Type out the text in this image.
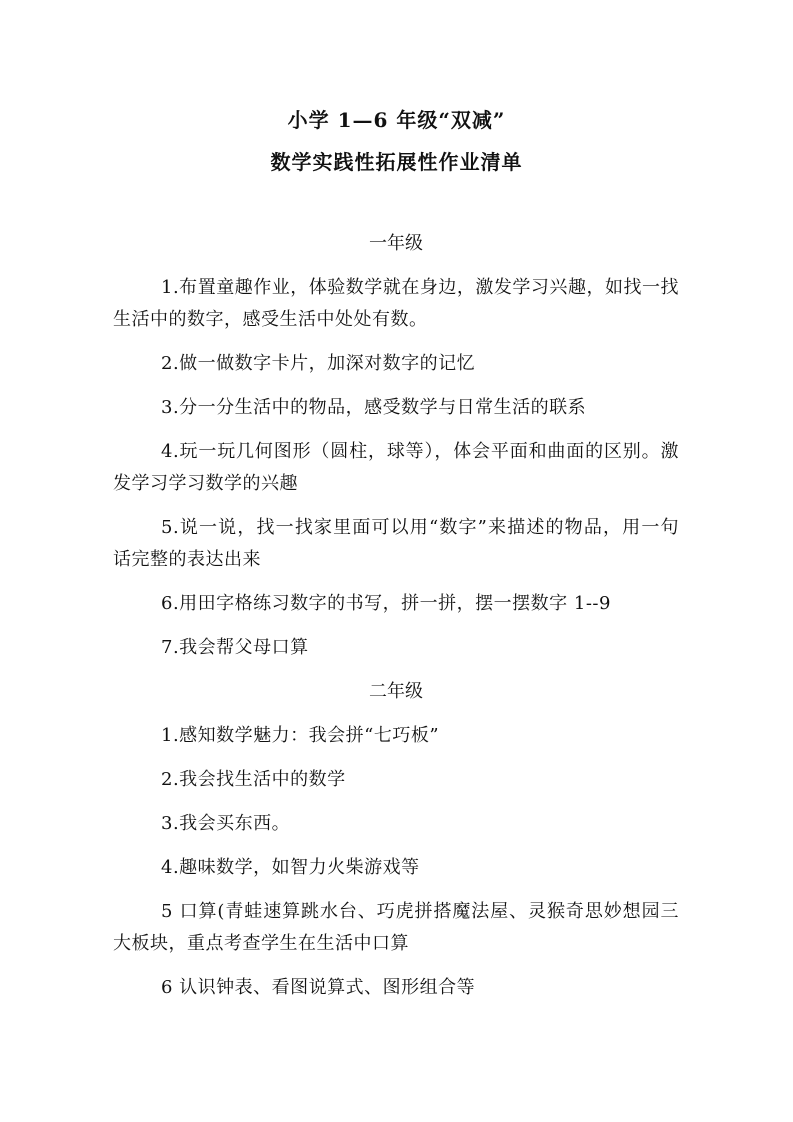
小学 1—6 年级“双减”
数学实践性拓展性作业清单
一年级

1.布置童趣作业，体验数学就在身边，激发学习兴趣，如找一找生活中的数字，感受生活中处处有数。

2.做一做数字卡片，加深对数字的记忆

3.分一分生活中的物品，感受数学与日常生活的联系

4.玩一玩几何图形（圆柱，球等），体会平面和曲面的区别。激发学习学习数学的兴趣

5.说一说，找一找家里面可以用“数字”来描述的物品，用一句话完整的表达出来

6.用田字格练习数字的书写，拼一拼，摆一摆数字 1--9

7.我会帮父母口算

二年级

1.感知数学魅力：我会拼“七巧板”

2.我会找生活中的数学

3.我会买东西。

4.趣味数学，如智力火柴游戏等

5 口算(青蛙速算跳水台、巧虎拼搭魔法屋、灵猴奇思妙想园三大板块，重点考查学生在生活中口算

6 认识钟表、看图说算式、图形组合等
